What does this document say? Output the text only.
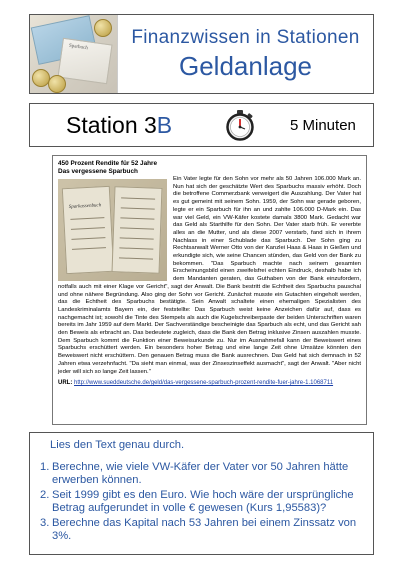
Sparbuch Finanzwissen in Stationen
Geldanlage
Station 3B	5 Minuten
450 Prozent Rendite für 52 Jahre
Das vergessene Sparbuch
Sparkassenbuch
Ein Vater legte für den Sohn vor mehr als 50 Jahren 106.000 Mark an. Nun hat sich der geschätzte Wert des Sparbuchs massiv erhöht. Doch die betroffene Commerzbank verweigert die Auszahlung. Der Vater hat es gut gemeint mit seinem Sohn. 1959, der Sohn war gerade geboren, legte er ein Sparbuch für ihn an und zahlte 106.000 D-Mark ein. Das war viel Geld, ein VW-Käfer kostete damals 3800 Mark. Gedacht war das Geld als Starthilfe für den Sohn. Der Vater starb früh. Er vererbte alles an die Mutter, und als diese 2007 verstarb, fand sich in ihrem Nachlass in einer Schublade das Sparbuch. Der Sohn ging zu Rechtsanwalt Werner Otto von der Kanzlei Haas & Haas in Gießen und erkundigte sich, wie seine Chancen stünden, das Geld von der Bank zu bekommen. "Das Sparbuch machte nach seinem gesamten Erscheinungsbild einen zweifelsfrei echten Eindruck, deshalb habe ich dem Mandanten geraten, das Guthaben von der Bank einzufordern, notfalls auch mit einer Klage vor Gericht", sagt der Anwalt. Die Bank bestritt die Echtheit des Sparbuchs pauschal und ohne nähere Begründung. Also ging der Sohn vor Gericht. Zunächst musste ein Gutachten eingeholt werden, das die Echtheit des Sparbuchs bestätigte. Sein Anwalt schaltete einen ehemaligen Spezialisten des Landeskriminalamts Bayern ein, der feststellte: Das Sparbuch weist keine Anzeichen dafür auf, dass es nachgemacht ist; sowohl die Tinte des Stempels als auch die Kugelschreiberpaste der beiden Unterschriften waren bereits im Jahr 1959 auf dem Markt. Der Sachverständige bescheinigte das Sparbuch als echt, und das Gericht sah den Beweis als erbracht an. Das bedeutete zugleich, dass die Bank den Betrag inklusive Zinsen auszahlen musste. Dem Sparbuch kommt die Funktion einer Beweisurkunde zu. Nur im Ausnahmefall kann der Beweiswert eines Sparbuchs erschüttert werden. Ein besonders hoher Betrag und eine lange Zeit ohne Umsätze könnten den Beweiswert nicht erschüttern. Den genauen Betrag muss die Bank ausrechnen. Das Geld hat sich demnach in 52 Jahren etwa verzehnfacht. "Da sieht man einmal, was der Zinseszinseffekt ausmacht", sagt der Anwalt. "Aber nicht jeder will sich so lange Zeit lassen."
URL: http://www.sueddeutsche.de/geld/das-vergessene-sparbuch-prozent-rendite-fuer-jahre-1.1068711
Lies den Text genau durch.
1. Berechne, wie viele VW-Käfer der Vater vor 50 Jahren hätte erwerben können.
2. Seit 1999 gibt es den Euro. Wie hoch wäre der ursprüngliche Betrag aufgerundet in volle € gewesen (Kurs 1,95583)?
3. Berechne das Kapital nach 53 Jahren bei einem Zinssatz von 3%.
